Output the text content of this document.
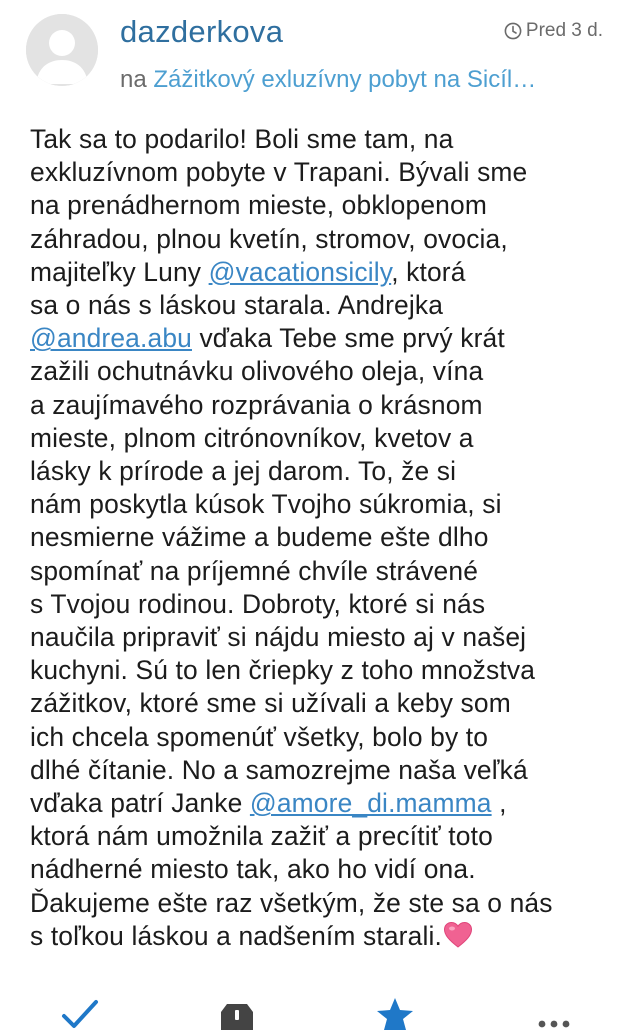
dazderkova	Pred 3 d.
na Zážitkový exluzívny pobyt na Sicíl…
Tak sa to podarilo! Boli sme tam, na
exkluzívnom pobyte v Trapani. Bývali sme
na prenádhernom mieste, obklopenom
záhradou, plnou kvetín, stromov, ovocia,
majiteľky Luny @vacationsicily, ktorá
sa o nás s láskou starala. Andrejka
@andrea.abu vďaka Tebe sme prvý krát
zažili ochutnávku olivového oleja, vína
a zaujímavého rozprávania o krásnom
mieste, plnom citrónovníkov, kvetov a
lásky k prírode a jej darom. To, že si
nám poskytla kúsok Tvojho súkromia, si
nesmierne vážime a budeme ešte dlho
spomínať na príjemné chvíle strávené
s Tvojou rodinou. Dobroty, ktoré si nás
naučila pripraviť si nájdu miesto aj v našej
kuchyni. Sú to len čriepky z toho množstva
zážitkov, ktoré sme si užívali a keby som
ich chcela spomenúť všetky, bolo by to
dlhé čítanie. No a samozrejme naša veľká
vďaka patrí Janke @amore_di.mamma ,
ktorá nám umožnila zažiť a precítiť toto
nádherné miesto tak, ako ho vidí ona.
Ďakujeme ešte raz všetkým, že ste sa o nás
s toľkou láskou a nadšením starali.
